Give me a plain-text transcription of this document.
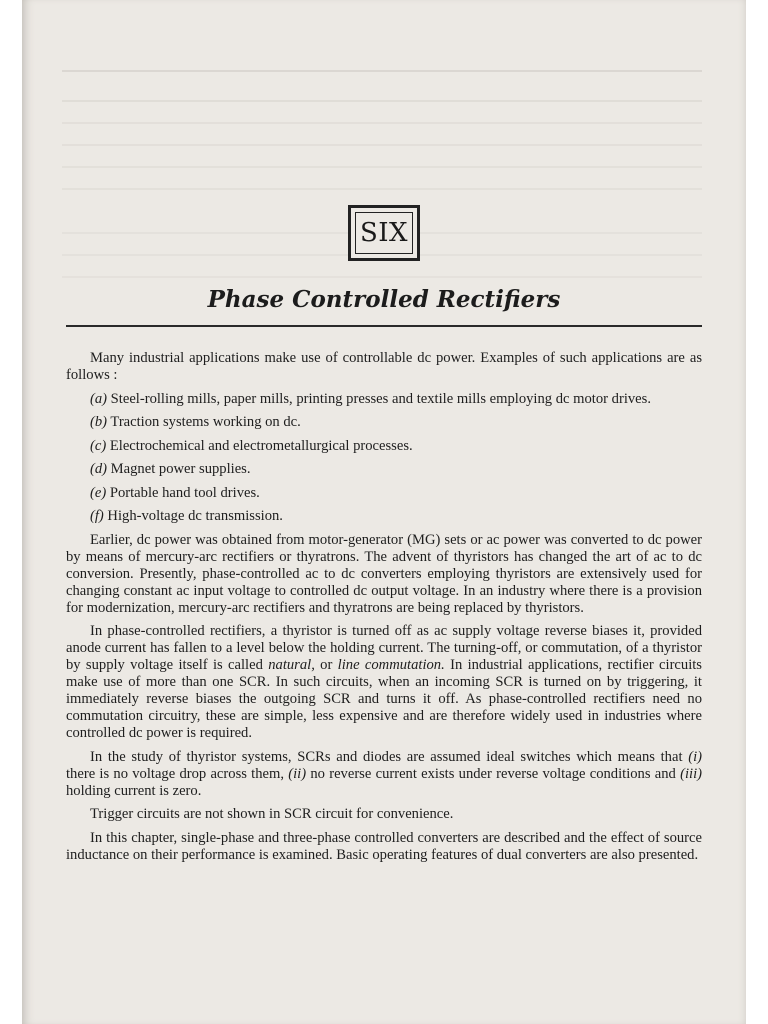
SIX
Phase Controlled Rectifiers

Many industrial applications make use of controllable dc power. Examples of such applications are as follows :

(a) Steel-rolling mills, paper mills, printing presses and textile mills employing dc motor drives.

(b) Traction systems working on dc.

(c) Electrochemical and electrometallurgical processes.

(d) Magnet power supplies.

(e) Portable hand tool drives.

(f) High-voltage dc transmission.

Earlier, dc power was obtained from motor-generator (MG) sets or ac power was converted to dc power by means of mercury-arc rectifiers or thyratrons. The advent of thyristors has changed the art of ac to dc conversion. Presently, phase-controlled ac to dc converters employing thyristors are extensively used for changing constant ac input voltage to controlled dc output voltage. In an industry where there is a provision for modernization, mercury-arc rectifiers and thyratrons are being replaced by thyristors.

In phase-controlled rectifiers, a thyristor is turned off as ac supply voltage reverse biases it, provided anode current has fallen to a level below the holding current. The turning-off, or commutation, of a thyristor by supply voltage itself is called natural, or line commutation. In industrial applications, rectifier circuits make use of more than one SCR. In such circuits, when an incoming SCR is turned on by triggering, it immediately reverse biases the outgoing SCR and turns it off. As phase-controlled rectifiers need no commutation circuitry, these are simple, less expensive and are therefore widely used in industries where controlled dc power is required.

In the study of thyristor systems, SCRs and diodes are assumed ideal switches which means that (i) there is no voltage drop across them, (ii) no reverse current exists under reverse voltage conditions and (iii) holding current is zero.

Trigger circuits are not shown in SCR circuit for convenience.

In this chapter, single-phase and three-phase controlled converters are described and the effect of source inductance on their performance is examined. Basic operating features of dual converters are also presented.
